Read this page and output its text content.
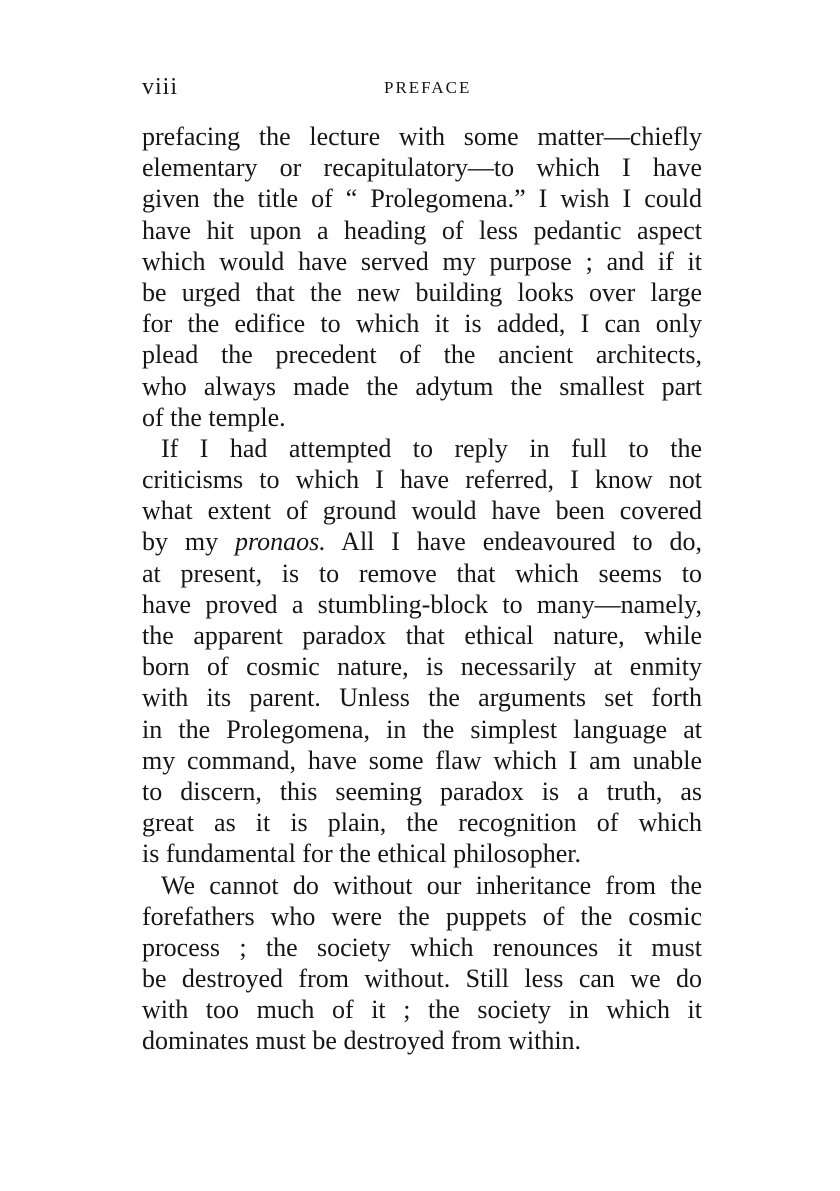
viii	PREFACE
prefacing the lecture with some matter—chiefly
elementary or recapitulatory—to which I have
given the title of “ Prolegomena.” I wish I could
have hit upon a heading of less pedantic aspect
which would have served my purpose ; and if it
be urged that the new building looks over large
for the edifice to which it is added, I can only
plead the precedent of the ancient architects,
who always made the adytum the smallest part
of the temple.
If I had attempted to reply in full to the
criticisms to which I have referred, I know not
what extent of ground would have been covered
by my pronaos. All I have endeavoured to do,
at present, is to remove that which seems to
have proved a stumbling-block to many—namely,
the apparent paradox that ethical nature, while
born of cosmic nature, is necessarily at enmity
with its parent. Unless the arguments set forth
in the Prolegomena, in the simplest language at
my command, have some flaw which I am unable
to discern, this seeming paradox is a truth, as
great as it is plain, the recognition of which
is fundamental for the ethical philosopher.
We cannot do without our inheritance from the
forefathers who were the puppets of the cosmic
process ; the society which renounces it must
be destroyed from without. Still less can we do
with too much of it ; the society in which it
dominates must be destroyed from within.
